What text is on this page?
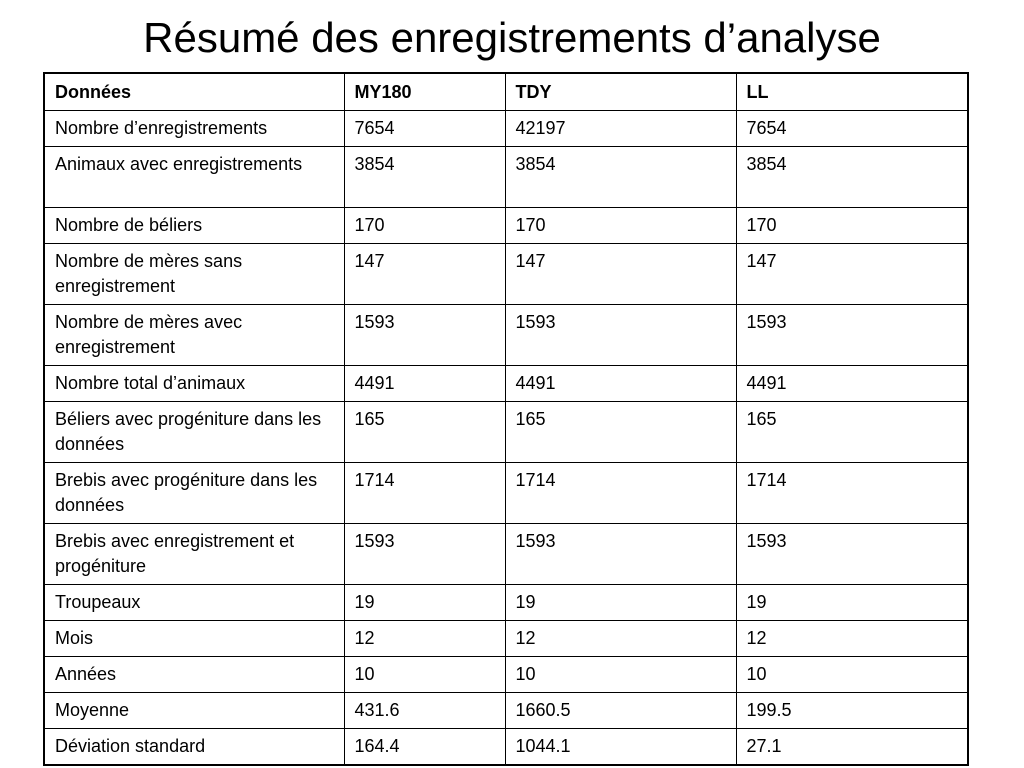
Résumé des enregistrements d’analyse
Données	MY180	TDY	LL
Nombre d’enregistrements	7654	42197	7654
Animaux avec enregistrements	3854	3854	3854
Nombre de béliers	170	170	170
Nombre de mères sans enregistrement	147	147	147
Nombre de mères avec enregistrement	1593	1593	1593
Nombre total d’animaux	4491	4491	4491
Béliers avec progéniture dans les données	165	165	165
Brebis avec progéniture dans les données	1714	1714	1714
Brebis avec enregistrement et progéniture	1593	1593	1593
Troupeaux	19	19	19
Mois	12	12	12
Années	10	10	10
Moyenne	431.6	1660.5	199.5
Déviation standard	164.4	1044.1	27.1
